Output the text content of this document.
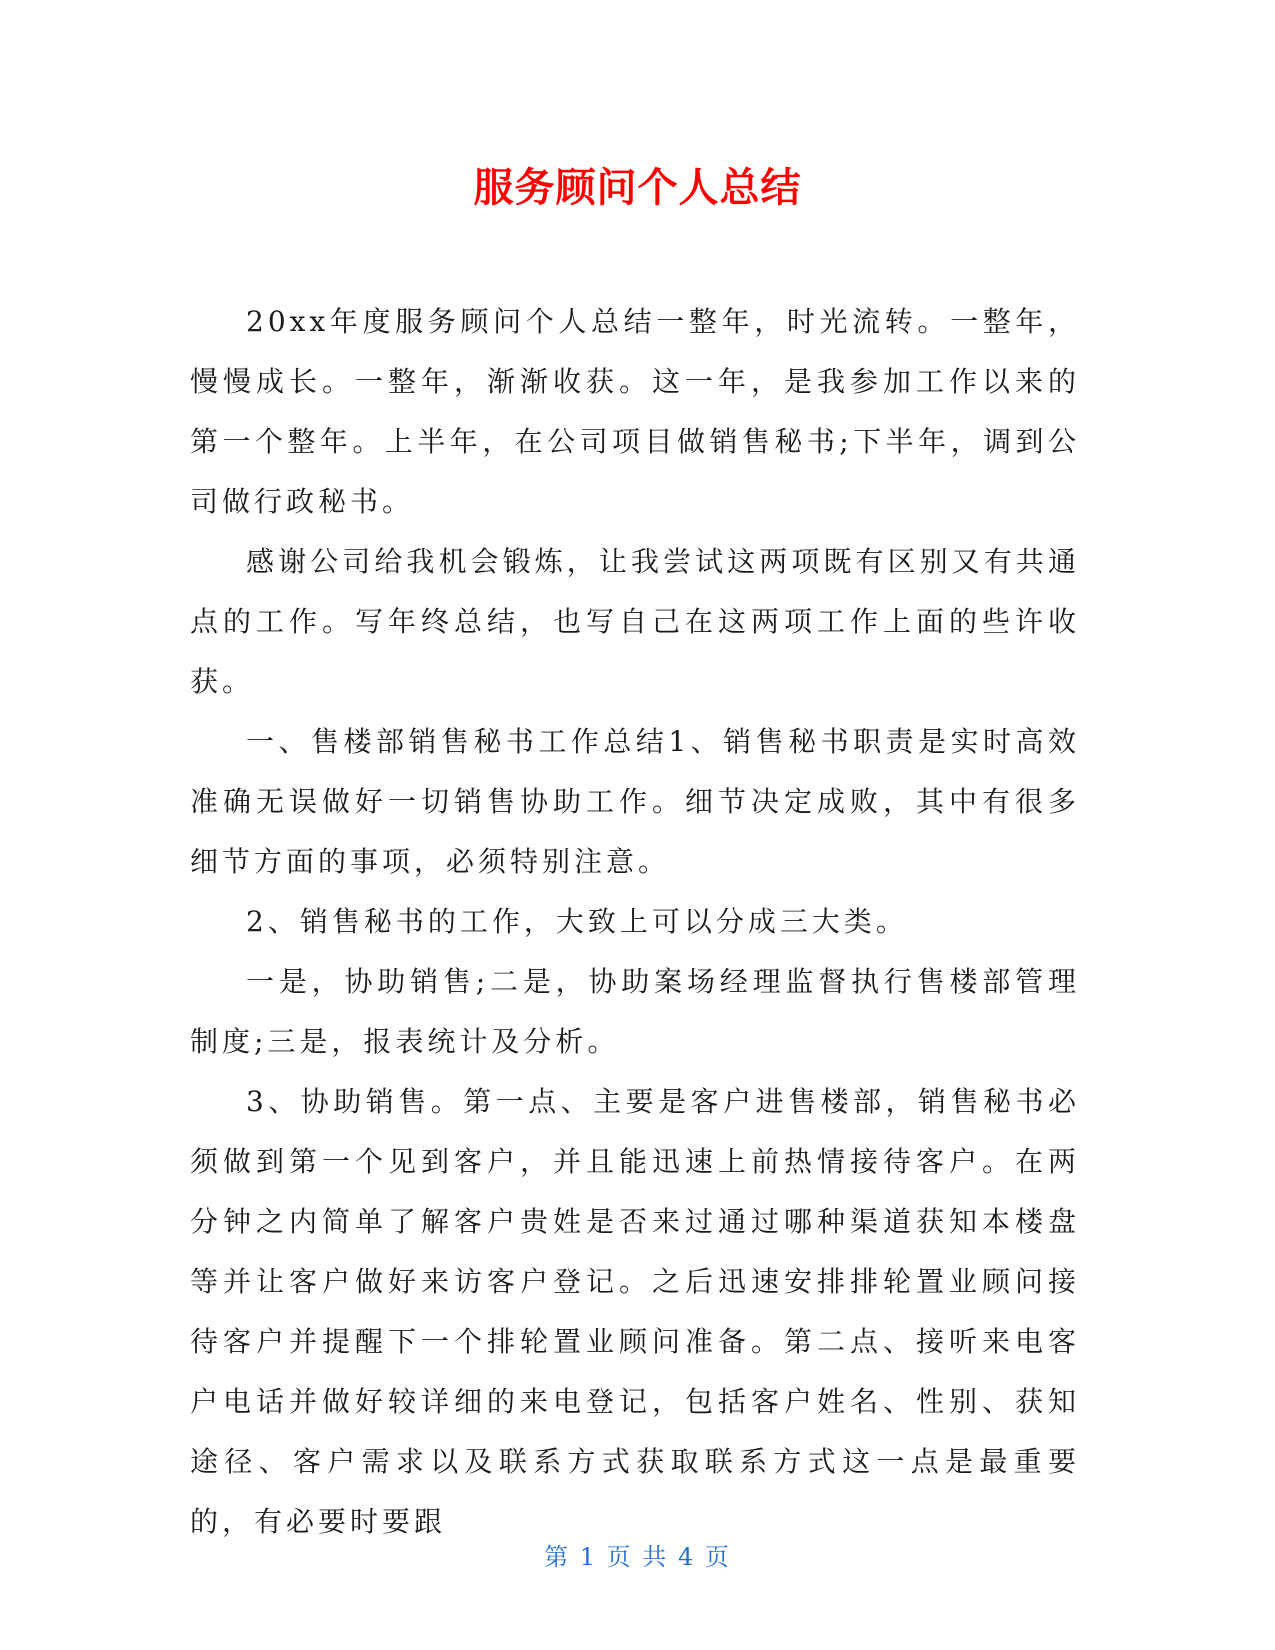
服务顾问个人总结

20xx年度服务顾问个人总结一整年，时光流转。一整年，慢慢成长。一整年，渐渐收获。这一年，是我参加工作以来的第一个整年。上半年，在公司项目做销售秘书;下半年，调到公司做行政秘书。

感谢公司给我机会锻炼，让我尝试这两项既有区别又有共通点的工作。写年终总结，也写自己在这两项工作上面的些许收获。

一、售楼部销售秘书工作总结1、销售秘书职责是实时高效准确无误做好一切销售协助工作。细节决定成败，其中有很多细节方面的事项，必须特别注意。

2、销售秘书的工作，大致上可以分成三大类。

一是，协助销售;二是，协助案场经理监督执行售楼部管理制度;三是，报表统计及分析。

3、协助销售。第一点、主要是客户进售楼部，销售秘书必须做到第一个见到客户，并且能迅速上前热情接待客户。在两分钟之内简单了解客户贵姓是否来过通过哪种渠道获知本楼盘等并让客户做好来访客户登记。之后迅速安排排轮置业顾问接待客户并提醒下一个排轮置业顾问准备。第二点、接听来电客户电话并做好较详细的来电登记，包括客户姓名、性别、获知途径、客户需求以及联系方式获取联系方式这一点是最重要的，有必要时要跟

第 1 页 共 4 页
